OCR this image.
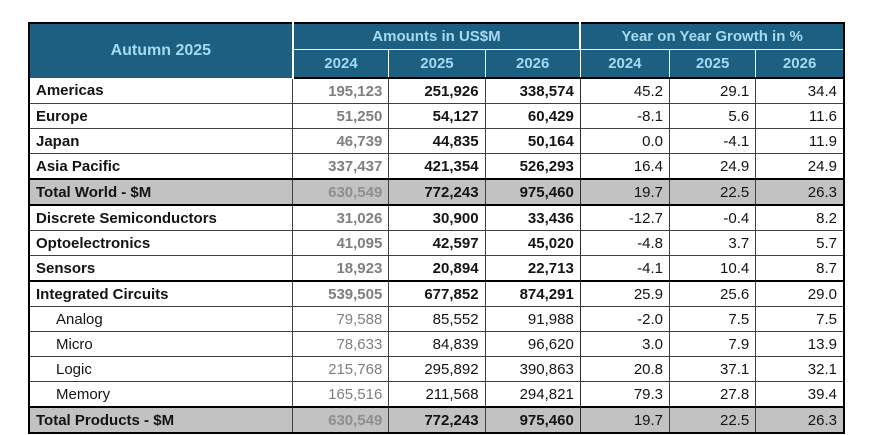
Autumn 2025	Amounts in US$M			Year on Year Growth in %		
	2024	2025	2026	2024	2025	2026
Americas	195,123	251,926	338,574	45.2	29.1	34.4
Europe	51,250	54,127	60,429	-8.1	5.6	11.6
Japan	46,739	44,835	50,164	0.0	-4.1	11.9
Asia Pacific	337,437	421,354	526,293	16.4	24.9	24.9
Total World - $M	630,549	772,243	975,460	19.7	22.5	26.3
Discrete Semiconductors	31,026	30,900	33,436	-12.7	-0.4	8.2
Optoelectronics	41,095	42,597	45,020	-4.8	3.7	5.7
Sensors	18,923	20,894	22,713	-4.1	10.4	8.7
Integrated Circuits	539,505	677,852	874,291	25.9	25.6	29.0
Analog	79,588	85,552	91,988	-2.0	7.5	7.5
Micro	78,633	84,839	96,620	3.0	7.9	13.9
Logic	215,768	295,892	390,863	20.8	37.1	32.1
Memory	165,516	211,568	294,821	79.3	27.8	39.4
Total Products - $M	630,549	772,243	975,460	19.7	22.5	26.3
